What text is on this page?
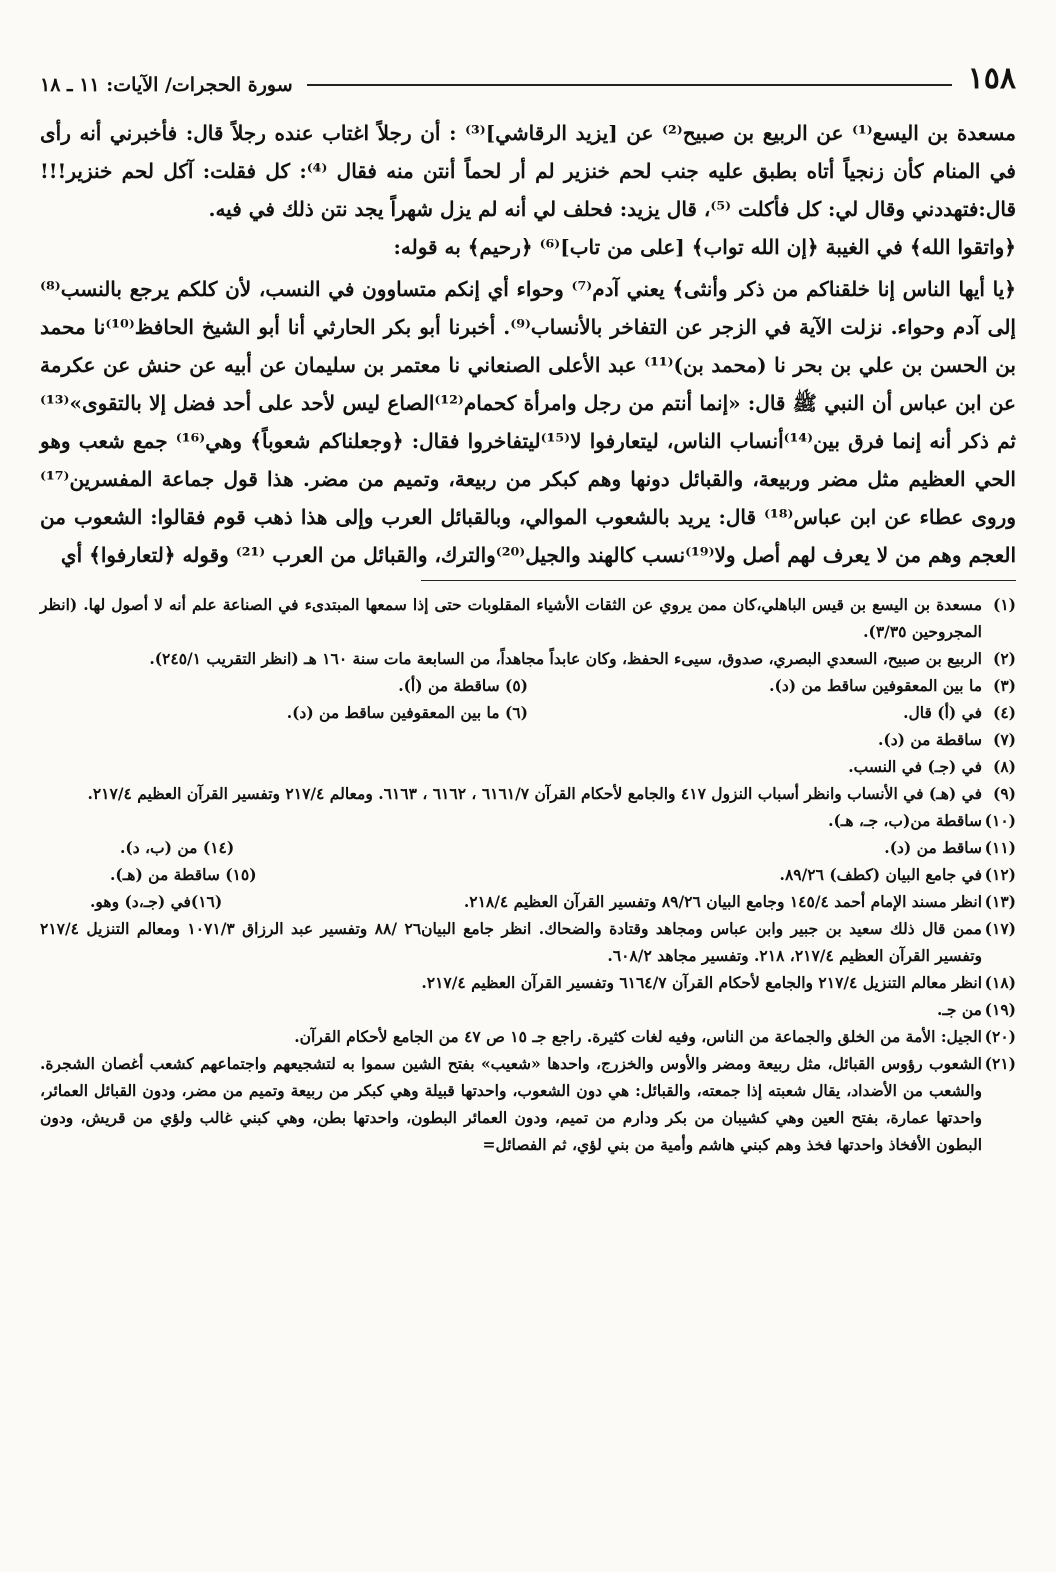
١٥٨
سورة الحجرات/ الآيات: ١١ ـ ١٨

مسعدة بن اليسع⁽¹⁾ عن الربيع بن صبيح⁽²⁾ عن [يزيد الرقاشي]⁽³⁾ : أن رجلاً اغتاب عنده رجلاً قال: فأخبرني أنه رأى في المنام كأن زنجياً أتاه بطبق عليه جنب لحم خنزير لم أر لحماً أنتن منه فقال ⁽⁴⁾: كل فقلت: آكل لحم خنزير!!! قال:فتهددني وقال لي: كل فأكلت ⁽⁵⁾، قال يزيد: فحلف لي أنه لم يزل شهراً يجد نتن ذلك في فيه.

﴿واتقوا الله﴾ في الغيبة ﴿إن الله تواب﴾ [على من تاب]⁽⁶⁾ ﴿رحيم﴾ به قوله:

﴿يا أيها الناس إنا خلقناكم من ذكر وأنثى﴾ يعني آدم⁽⁷⁾ وحواء أي إنكم متساوون في النسب، لأن كلكم يرجع بالنسب⁽⁸⁾ إلى آدم وحواء. نزلت الآية في الزجر عن التفاخر بالأنساب⁽⁹⁾. أخبرنا أبو بكر الحارثي أنا أبو الشيخ الحافظ⁽¹⁰⁾نا محمد بن الحسن بن علي بن بحر نا (محمد بن)⁽¹¹⁾ عبد الأعلى الصنعاني نا معتمر بن سليمان عن أبيه عن حنش عن عكرمة عن ابن عباس أن النبي ﷺ قال: «إنما أنتم من رجل وامرأة كحمام⁽¹²⁾الصاع ليس لأحد على أحد فضل إلا بالتقوى»⁽¹³⁾ثم ذكر أنه إنما فرق بين⁽¹⁴⁾أنساب الناس، ليتعارفوا لا⁽¹⁵⁾ليتفاخروا فقال: ﴿وجعلناكم شعوباً﴾ وهي⁽¹⁶⁾ جمع شعب وهو الحي العظيم مثل مضر وربيعة، والقبائل دونها وهم كبكر من ربيعة، وتميم من مضر. هذا قول جماعة المفسرين⁽¹⁷⁾ وروى عطاء عن ابن عباس⁽¹⁸⁾ قال: يريد بالشعوب الموالي، وبالقبائل العرب وإلى هذا ذهب قوم فقالوا: الشعوب من العجم وهم من لا يعرف لهم أصل ولا⁽¹⁹⁾نسب كالهند والجيل⁽²⁰⁾والترك، والقبائل من العرب ⁽²¹⁾ وقوله ﴿لتعارفوا﴾ أي

(١)
مسعدة بن اليسع بن قيس الباهلي،كان ممن يروي عن الثقات الأشياء المقلوبات حتى إذا سمعها المبتدىء في الصناعة علم أنه لا أصول لها. (انظر المجروحين ٣/٣٥).
(٢)
الربيع بن صبيح، السعدي البصري، صدوق، سيىء الحفظ، وكان عابداً مجاهداً، من السابعة مات سنة ١٦٠ هـ (انظر التقريب ٢٤٥/١).
(٣)
ما بين المعقوفين ساقط من (د).
(٥) ساقطة من (أ).
(٤)
في (أ) قال.
(٦) ما بين المعقوفين ساقط من (د).
(٧)
ساقطة من (د).
(٨)
في (جـ) في النسب.
(٩)
في (هـ) في الأنساب وانظر أسباب النزول ٤١٧ والجامع لأحكام القرآن ٦١٦١/٧ ، ٦١٦٢ ، ٦١٦٣. ومعالم ٢١٧/٤ وتفسير القرآن العظيم ٢١٧/٤.
(١٠)
ساقطة من(ب، جـ، هـ).
(١١)
ساقط من (د).
(١٤) من (ب، د).
(١٢)
في جامع البيان (كطف) ٨٩/٢٦.
(١٥) ساقطة من (هـ).
(١٣)
انظر مسند الإمام أحمد ١٤٥/٤ وجامع البيان ٨٩/٢٦ وتفسير القرآن العظيم ٢١٨/٤.
(١٦)في (جـ،د) وهو.
(١٧)
ممن قال ذلك سعيد بن جبير وابن عباس ومجاهد وقتادة والضحاك. انظر جامع البيان٢٦ /٨٨ وتفسير عبد الرزاق ١٠٧١/٣ ومعالم التنزيل ٢١٧/٤ وتفسير القرآن العظيم ٢١٧/٤، ٢١٨. وتفسير مجاهد ٦٠٨/٢.
(١٨)
انظر معالم التنزيل ٢١٧/٤ والجامع لأحكام القرآن ٦١٦٤/٧ وتفسير القرآن العظيم ٢١٧/٤.
(١٩)
من جـ.
(٢٠)
الجيل: الأمة من الخلق والجماعة من الناس، وفيه لغات كثيرة. راجع جـ ١٥ ص ٤٧ من الجامع لأحكام القرآن.
(٢١)
الشعوب رؤوس القبائل، مثل ربيعة ومضر والأوس والخزرج، واحدها «شعيب» بفتح الشين سموا به لتشجيعهم واجتماعهم كشعب أغصان الشجرة. والشعب من الأضداد، يقال شعبته إذا جمعته، والقبائل: هي دون الشعوب، واحدتها قبيلة وهي كبكر من ربيعة وتميم من مضر، ودون القبائل العمائر، واحدتها عمارة، بفتح العين وهي كشيبان من بكر ودارم من تميم، ودون العمائر البطون، واحدتها بطن، وهي كبني غالب ولؤي من قريش، ودون البطون الأفخاذ واحدتها فخذ وهم كبني هاشم وأمية من بني لؤي، ثم الفصائل=
